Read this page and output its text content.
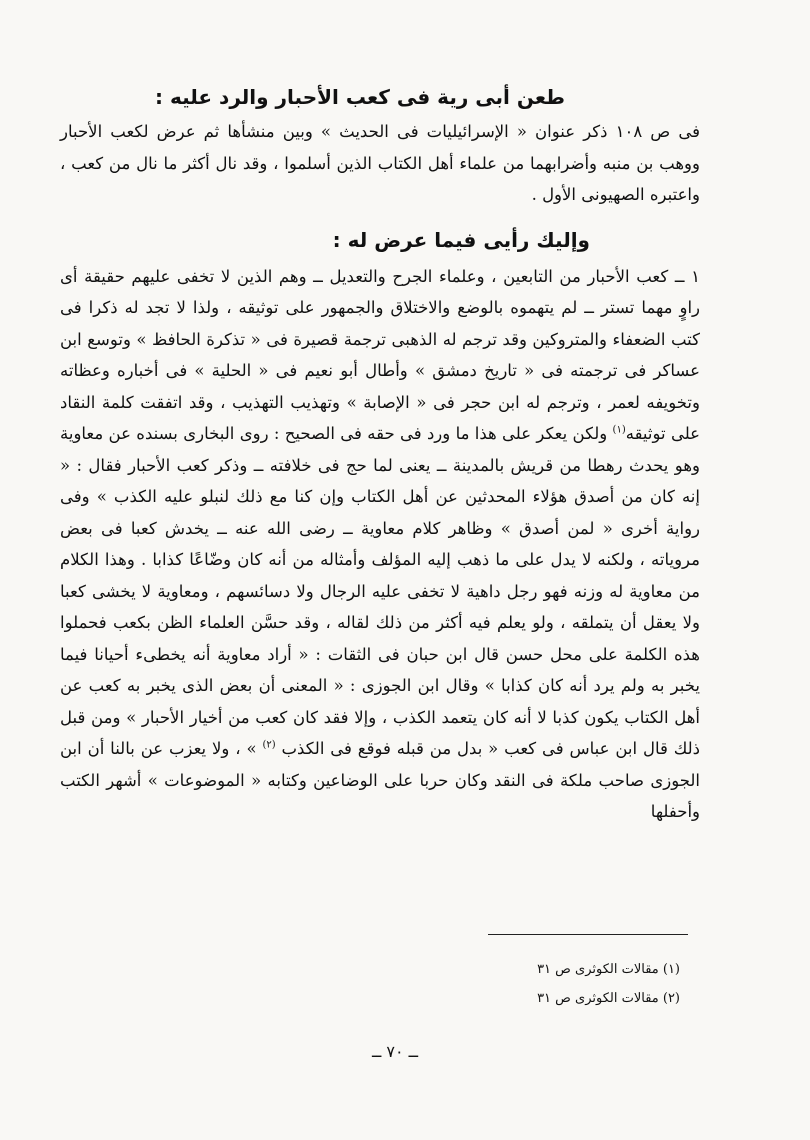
طعن أبى رية فى كعب الأحبار والرد عليه :

فى ص ١٠٨ ذكر عنوان « الإسرائيليات فى الحديث » وبين منشأها ثم عرض لكعب الأحبار ووهب بن منبه وأضرابهما من علماء أهل الكتاب الذين أسلموا ، وقد نال أكثر ما نال من كعب ، واعتبره الصهيونى الأول .

وإليك رأيى فيما عرض له :

١ ــ كعب الأحبار من التابعين ، وعلماء الجرح والتعديل ــ وهم الذين لا تخفى عليهم حقيقة أى راوٍ مهما تستر ــ لم يتهموه بالوضع والاختلاق والجمهور على توثيقه ، ولذا لا تجد له ذكرا فى كتب الضعفاء والمتروكين وقد ترجم له الذهبى ترجمة قصيرة فى « تذكرة الحافظ » وتوسع ابن عساكر فى ترجمته فى « تاريخ دمشق » وأطال أبو نعيم فى « الحلية » فى أخباره وعظاته وتخويفه لعمر ، وترجم له ابن حجر فى « الإصابة » وتهذيب التهذيب ، وقد اتفقت كلمة النقاد على توثيقه$^{(١)}$ ولكن يعكر على هذا ما ورد فى حقه فى الصحيح : روى البخارى بسنده عن معاوية وهو يحدث رهطا من قريش بالمدينة ــ يعنى لما حج فى خلافته ــ وذكر كعب الأحبار فقال : « إنه كان من أصدق هؤلاء المحدثين عن أهل الكتاب وإن كنا مع ذلك لنبلو عليه الكذب » وفى رواية أخرى « لمن أصدق » وظاهر كلام معاوية ــ رضى الله عنه ــ يخدش كعبا فى بعض مروياته ، ولكنه لا يدل على ما ذهب إليه المؤلف وأمثاله من أنه كان وضّاعًا كذابا . وهذا الكلام من معاوية له وزنه فهو رجل داهية لا تخفى عليه الرجال ولا دسائسهم ، ومعاوية لا يخشى كعبا ولا يعقل أن يتملقه ، ولو يعلم فيه أكثر من ذلك لقاله ، وقد حسَّن العلماء الظن بكعب فحملوا هذه الكلمة على محل حسن قال ابن حبان فى الثقات : « أراد معاوية أنه يخطىء أحيانا فيما يخبر به ولم يرد أنه كان كذابا » وقال ابن الجوزى : « المعنى أن بعض الذى يخبر به كعب عن أهل الكتاب يكون كذبا لا أنه كان يتعمد الكذب ، وإلا فقد كان كعب من أخيار الأحبار » ومن قبل ذلك قال ابن عباس فى كعب « بدل من قبله فوقع فى الكذب $^{(٢)}$ » ، ولا يعزب عن بالنا أن ابن الجوزى صاحب ملكة فى النقد وكان حربا على الوضاعين وكتابه « الموضوعات » أشهر الكتب وأحفلها

(١) مقالات الكوثرى ص ٣١

(٢) مقالات الكوثرى ص ٣١

ــ ٧٠ ــ
